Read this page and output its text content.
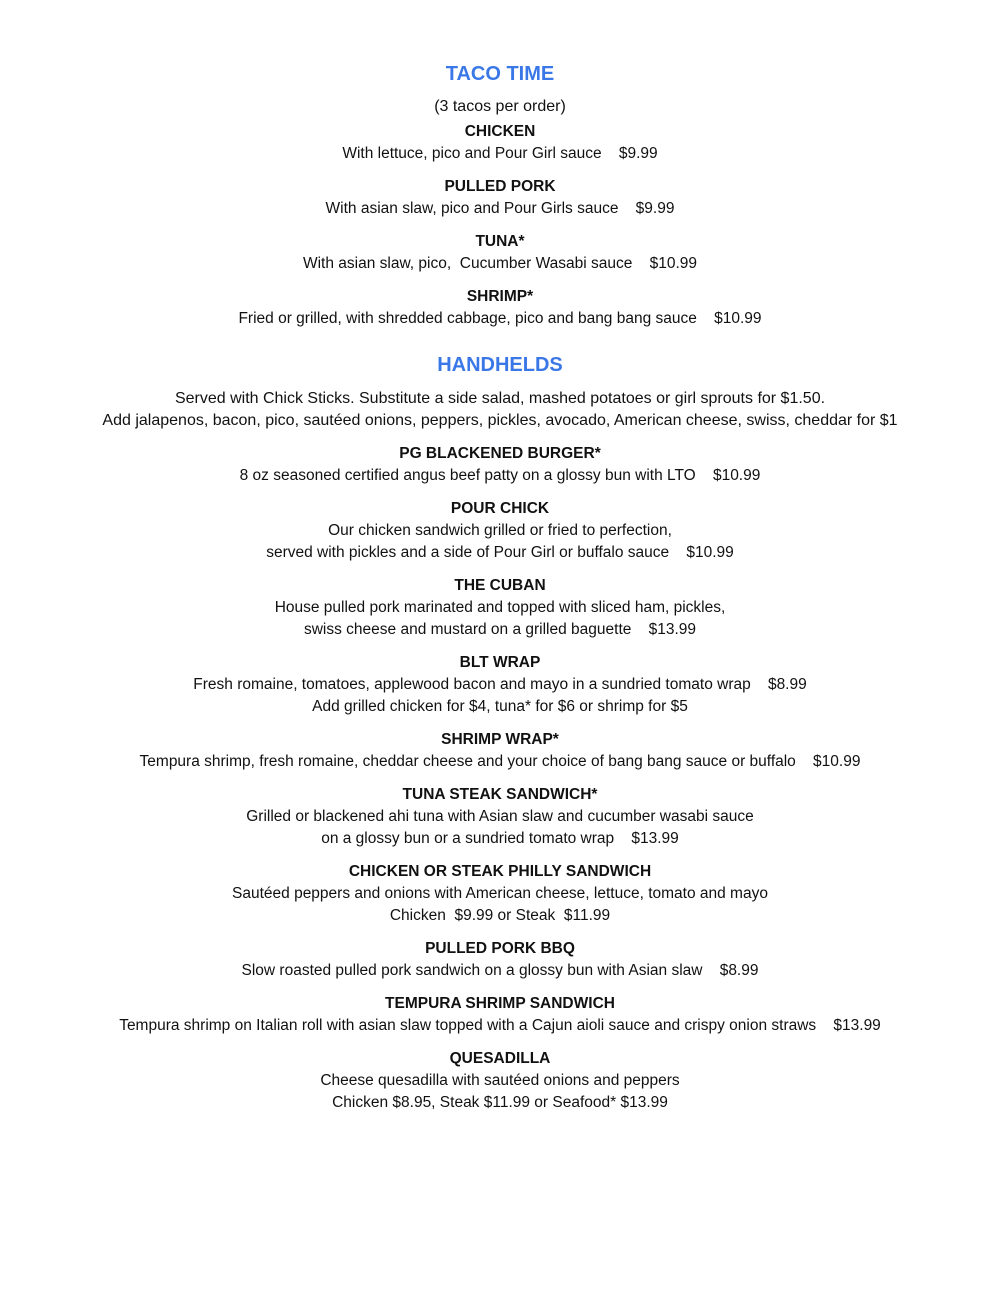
TACO TIME

(3 tacos per order)

CHICKEN

With lettuce, pico and Pour Girl sauce    $9.99

PULLED PORK

With asian slaw, pico and Pour Girls sauce    $9.99

TUNA*

With asian slaw, pico,  Cucumber Wasabi sauce    $10.99

SHRIMP*

Fried or grilled, with shredded cabbage, pico and bang bang sauce    $10.99

HANDHELDS

Served with Chick Sticks. Substitute a side salad, mashed potatoes or girl sprouts for $1.50.

Add jalapenos, bacon, pico, sautéed onions, peppers, pickles, avocado, American cheese, swiss, cheddar for $1

PG BLACKENED BURGER*

8 oz seasoned certified angus beef patty on a glossy bun with LTO    $10.99

POUR CHICK

Our chicken sandwich grilled or fried to perfection,

served with pickles and a side of Pour Girl or buffalo sauce    $10.99

THE CUBAN

House pulled pork marinated and topped with sliced ham, pickles,

swiss cheese and mustard on a grilled baguette    $13.99

BLT WRAP

Fresh romaine, tomatoes, applewood bacon and mayo in a sundried tomato wrap    $8.99

Add grilled chicken for $4, tuna* for $6 or shrimp for $5

SHRIMP WRAP*

Tempura shrimp, fresh romaine, cheddar cheese and your choice of bang bang sauce or buffalo    $10.99

TUNA STEAK SANDWICH*

Grilled or blackened ahi tuna with Asian slaw and cucumber wasabi sauce

on a glossy bun or a sundried tomato wrap    $13.99

CHICKEN OR STEAK PHILLY SANDWICH

Sautéed peppers and onions with American cheese, lettuce, tomato and mayo

Chicken  $9.99 or Steak  $11.99

PULLED PORK BBQ

Slow roasted pulled pork sandwich on a glossy bun with Asian slaw    $8.99

TEMPURA SHRIMP SANDWICH

Tempura shrimp on Italian roll with asian slaw topped with a Cajun aioli sauce and crispy onion straws    $13.99

QUESADILLA

Cheese quesadilla with sautéed onions and peppers

Chicken $8.95, Steak $11.99 or Seafood* $13.99
